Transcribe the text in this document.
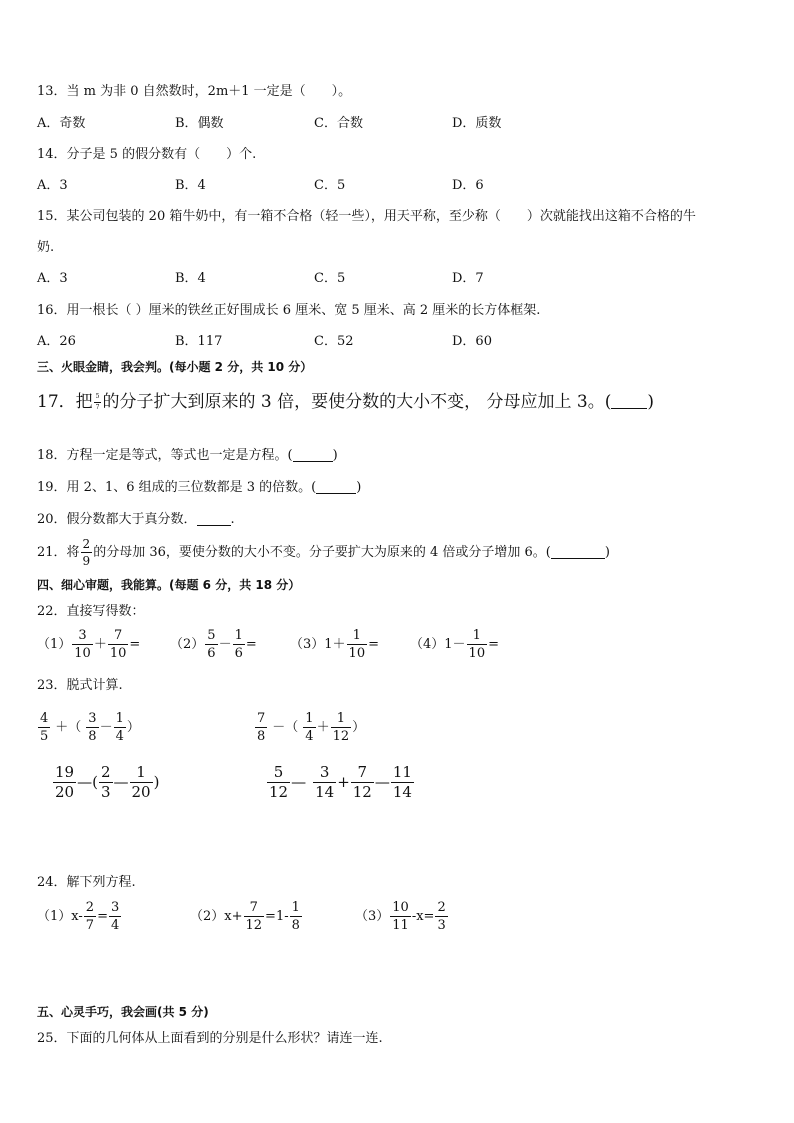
13．当 m 为非 0 自然数时，2m＋1 一定是（　　）。
A．奇数	B．偶数	C．合数	D．质数
14．分子是 5 的假分数有（　　）个.
A．3	B．4	C．5	D．6
15．某公司包装的 20 箱牛奶中，有一箱不合格（轻一些），用天平称，至少称（　　）次就能找出这箱不合格的牛
奶.
A．3	B．4	C．5	D．7
16．用一根长（ ）厘米的铁丝正好围成长 6 厘米、宽 5 厘米、高 2 厘米的长方体框架.
A．26	B．117	C．52	D．60
三、火眼金睛，我会判。(每小题 2 分，共 10 分）
17．把 $\frac{5}{7}$ 的分子扩大到原来的 3 倍，要使分数的大小不变， 分母应加上 3。( )
18．方程一定是等式，等式也一定是方程。(	)
19．用 2、1、6 组成的三位数都是 3 的倍数。(	)
20．假分数都大于真分数．	.
21．将 $\frac{2}{9}$ 的分母加 36，要使分数的大小不变。分子要扩大为原来的 4 倍或分子增加 6。(	)
四、细心审题，我能算。(每题 6 分，共 18 分）
22．直接写得数：
$(1) \frac{3}{10} + \frac{7}{10} = (2) \frac{5}{6} - \frac{1}{6}$ =	$(3)1+ \frac{1}{10} = (4)1- \frac{1}{10}$ =
23．脱式计算.
$\frac{4}{5}$ ＋（ $\frac{3}{8} - \frac{1}{4}$ ）	$\frac{7}{8}$ －（ $\frac{1}{4} + \frac{1}{12}$ ）
$\frac{19}{20}$ —( $\frac{2}{3}$ — $\frac{1}{20}$ )	$\frac{5}{12}$ — $\frac{3}{14} + \frac{7}{12}$ — $\frac{11}{14}$
24．解下列方程.
$(1)x- \frac{2}{7} = \frac{3}{4}$	$(2)x+ \frac{7}{12} =1- \frac{1}{8}$	$(3) \frac{10}{11} -x= \frac{2}{3}$
五、心灵手巧，我会画(共 5 分)
25．下面的几何体从上面看到的分别是什么形状？请连一连.
